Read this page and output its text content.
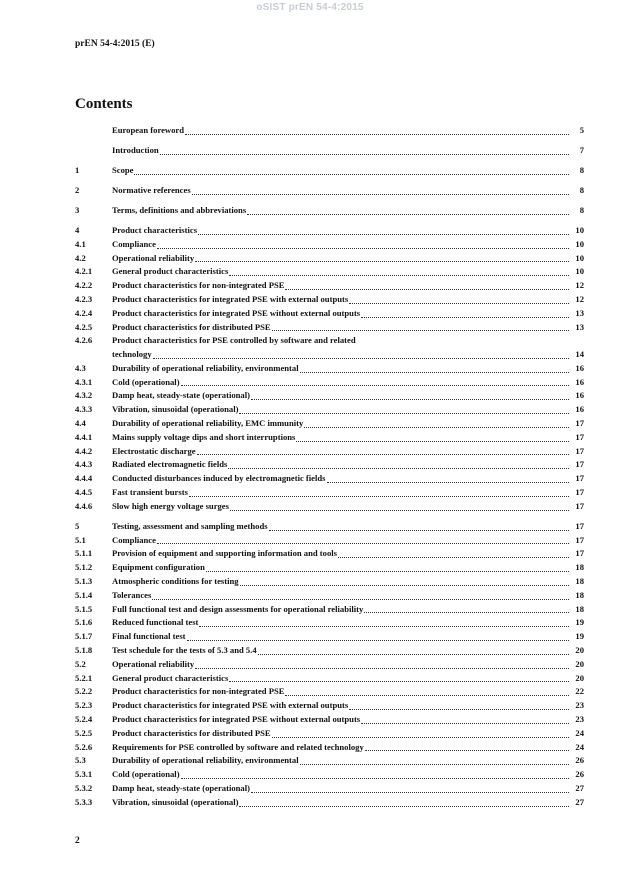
oSIST prEN 54-4:2015
prEN 54-4:2015 (E)
Contents
European foreword	5
Introduction	7
1	Scope	8
2	Normative references	8
3	Terms, definitions and abbreviations	8
4	Product characteristics	10
4.1	Compliance	10
4.2	Operational reliability	10
4.2.1	General product characteristics	10
4.2.2	Product characteristics for non-integrated PSE	12
4.2.3	Product characteristics for integrated PSE with external outputs	12
4.2.4	Product characteristics for integrated PSE without external outputs	13
4.2.5	Product characteristics for distributed PSE	13
4.2.6	Product characteristics for PSE controlled by software and related
technology	14
4.3	Durability of operational reliability, environmental	16
4.3.1	Cold (operational)	16
4.3.2	Damp heat, steady-state (operational)	16
4.3.3	Vibration, sinusoidal (operational)	16
4.4	Durability of operational reliability, EMC immunity	17
4.4.1	Mains supply voltage dips and short interruptions	17
4.4.2	Electrostatic discharge	17
4.4.3	Radiated electromagnetic fields	17
4.4.4	Conducted disturbances induced by electromagnetic fields	17
4.4.5	Fast transient bursts	17
4.4.6	Slow high energy voltage surges	17
5	Testing, assessment and sampling methods	17
5.1	Compliance	17
5.1.1	Provision of equipment and supporting information and tools	17
5.1.2	Equipment configuration	18
5.1.3	Atmospheric conditions for testing	18
5.1.4	Tolerances	18
5.1.5	Full functional test and design assessments for operational reliability	18
5.1.6	Reduced functional test	19
5.1.7	Final functional test	19
5.1.8	Test schedule for the tests of 5.3 and 5.4	20
5.2	Operational reliability	20
5.2.1	General product characteristics	20
5.2.2	Product characteristics for non-integrated PSE	22
5.2.3	Product characteristics for integrated PSE with external outputs	23
5.2.4	Product characteristics for integrated PSE without external outputs	23
5.2.5	Product characteristics for distributed PSE	24
5.2.6	Requirements for PSE controlled by software and related technology	24
5.3	Durability of operational reliability, environmental	26
5.3.1	Cold (operational)	26
5.3.2	Damp heat, steady-state (operational)	27
5.3.3	Vibration, sinusoidal (operational)	27
2
